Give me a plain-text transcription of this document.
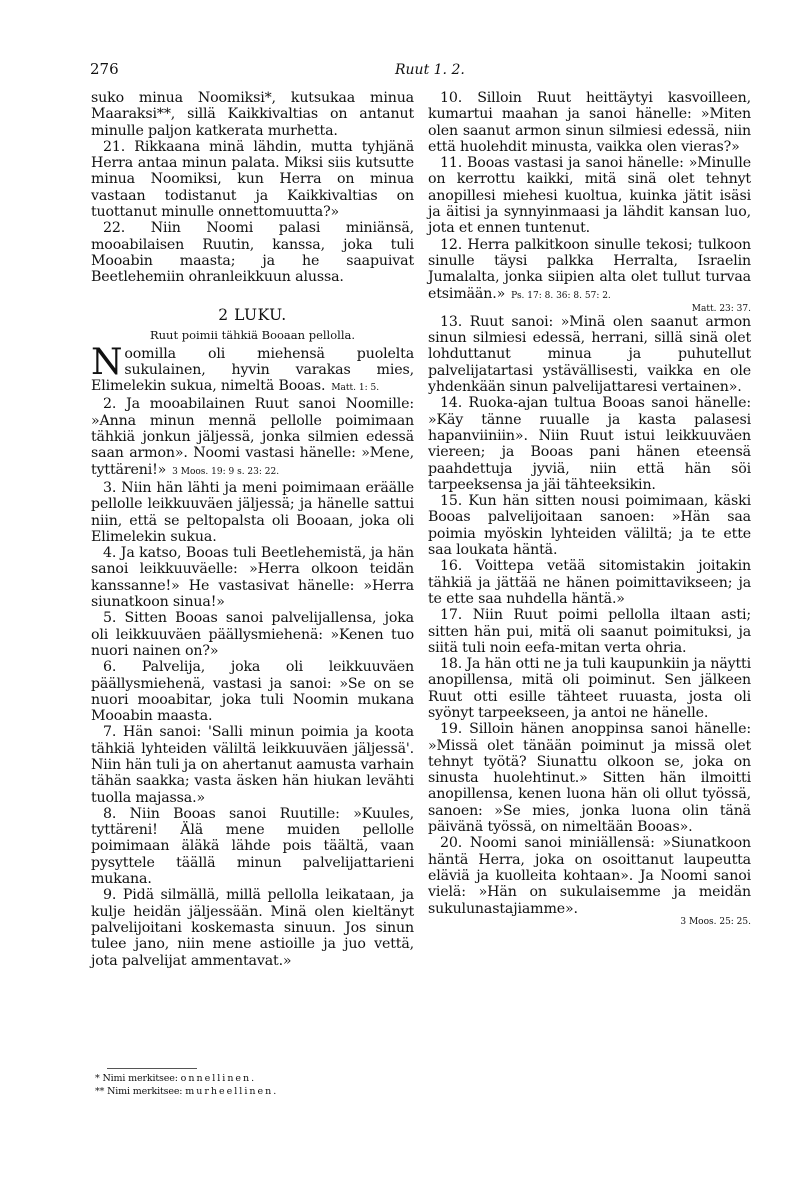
276	Ruut 1. 2.

suko minua Noomiksi*, kutsukaa minua Maaraksi**, sillä Kaikkivaltias on antanut minulle paljon katkerata murhetta.

21. Rikkaana minä lähdin, mutta tyhjänä Herra antaa minun palata. Miksi siis kutsutte minua Noomiksi, kun Herra on minua vastaan todistanut ja Kaikkivaltias on tuottanut minulle onnettomuutta?»

22. Niin Noomi palasi miniänsä, mooabilaisen Ruutin, kanssa, joka tuli Mooabin maasta; ja he saapuivat Beetlehemiin ohranleikkuun alussa.

2 LUKU.
Ruut poimii tähkiä Booaan pellolla.

Noomilla oli miehensä puolelta sukulainen, hyvin varakas mies, Elimelekin sukua, nimeltä Booas. Matt. 1: 5.

2. Ja mooabilainen Ruut sanoi Noomille: »Anna minun mennä pellolle poimimaan tähkiä jonkun jäljessä, jonka silmien edessä saan armon». Noomi vastasi hänelle: »Mene, tyttäreni!» 3 Moos. 19: 9 s. 23: 22.

3. Niin hän lähti ja meni poimimaan eräälle pellolle leikkuuväen jäljessä; ja hänelle sattui niin, että se peltopalsta oli Booaan, joka oli Elimelekin sukua.

4. Ja katso, Booas tuli Beetlehemistä, ja hän sanoi leikkuuväelle: »Herra olkoon teidän kanssanne!» He vastasivat hänelle: »Herra siunatkoon sinua!»

5. Sitten Booas sanoi palvelijallensa, joka oli leikkuuväen päällysmiehenä: »Kenen tuo nuori nainen on?»

6. Palvelija, joka oli leikkuuväen päällysmiehenä, vastasi ja sanoi: »Se on se nuori mooabitar, joka tuli Noomin mukana Mooabin maasta.

7. Hän sanoi: 'Salli minun poimia ja koota tähkiä lyhteiden väliltä leikkuuväen jäljessä'. Niin hän tuli ja on ahertanut aamusta varhain tähän saakka; vasta äsken hän hiukan levähti tuolla majassa.»

8. Niin Booas sanoi Ruutille: »Kuules, tyttäreni! Älä mene muiden pellolle poimimaan äläkä lähde pois täältä, vaan pysyttele täällä minun palvelijattarieni mukana.

9. Pidä silmällä, millä pellolla leikataan, ja kulje heidän jäljessään. Minä olen kieltänyt palvelijoitani koskemasta sinuun. Jos sinun tulee jano, niin mene astioille ja juo vettä, jota palvelijat ammentavat.»

10. Silloin Ruut heittäytyi kasvoilleen, kumartui maahan ja sanoi hänelle: »Miten olen saanut armon sinun silmiesi edessä, niin että huolehdit minusta, vaikka olen vieras?»

11. Booas vastasi ja sanoi hänelle: »Minulle on kerrottu kaikki, mitä sinä olet tehnyt anopillesi miehesi kuoltua, kuinka jätit isäsi ja äitisi ja synnyinmaasi ja lähdit kansan luo, jota et ennen tuntenut.

12. Herra palkitkoon sinulle tekosi; tulkoon sinulle täysi palkka Herralta, Israelin Jumalalta, jonka siipien alta olet tullut turvaa etsimään.» Ps. 17: 8. 36: 8. 57: 2.

Matt. 23: 37.

13. Ruut sanoi: »Minä olen saanut armon sinun silmiesi edessä, herrani, sillä sinä olet lohduttanut minua ja puhutellut palvelijatartasi ystävällisesti, vaikka en ole yhdenkään sinun palvelijattaresi vertainen».

14. Ruoka-ajan tultua Booas sanoi hänelle: »Käy tänne ruualle ja kasta palasesi hapanviiniin». Niin Ruut istui leikkuuväen viereen; ja Booas pani hänen eteensä paahdettuja jyviä, niin että hän söi tarpeeksensa ja jäi tähteeksikin.

15. Kun hän sitten nousi poimimaan, käski Booas palvelijoitaan sanoen: »Hän saa poimia myöskin lyhteiden väliltä; ja te ette saa loukata häntä.

16. Voittepa vetää sitomistakin joitakin tähkiä ja jättää ne hänen poimittavikseen; ja te ette saa nuhdella häntä.»

17. Niin Ruut poimi pellolla iltaan asti; sitten hän pui, mitä oli saanut poimituksi, ja siitä tuli noin eefa-mitan verta ohria.

18. Ja hän otti ne ja tuli kaupunkiin ja näytti anopillensa, mitä oli poiminut. Sen jälkeen Ruut otti esille tähteet ruuasta, josta oli syönyt tarpeekseen, ja antoi ne hänelle.

19. Silloin hänen anoppinsa sanoi hänelle: »Missä olet tänään poiminut ja missä olet tehnyt työtä? Siunattu olkoon se, joka on sinusta huolehtinut.» Sitten hän ilmoitti anopillensa, kenen luona hän oli ollut työssä, sanoen: »Se mies, jonka luona olin tänä päivänä työssä, on nimeltään Booas».

20. Noomi sanoi miniällensä: »Siunatkoon häntä Herra, joka on osoittanut laupeutta eläviä ja kuolleita kohtaan». Ja Noomi sanoi vielä: »Hän on sukulaisemme ja meidän sukulunastajiamme».

3 Moos. 25: 25.

* Nimi merkitsee: onnellinen.

** Nimi merkitsee: murheellinen.
